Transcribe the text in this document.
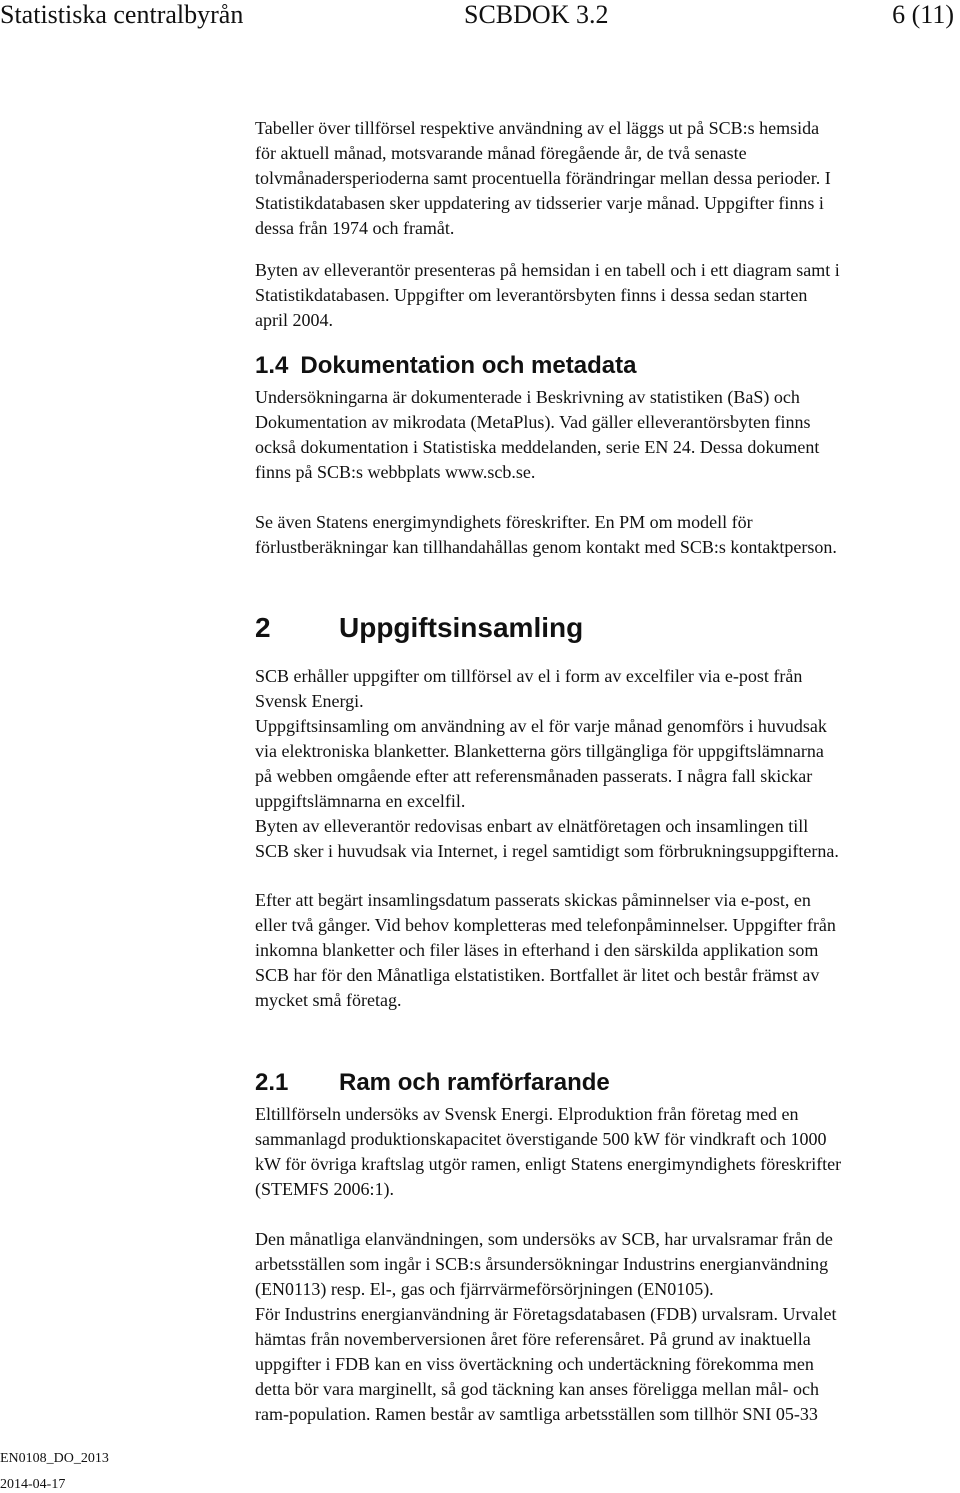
Statistiska centralbyrån	SCBDOK 3.2	6 (11)

Tabeller över tillförsel respektive användning av el läggs ut på SCB:s hemsida
för aktuell månad, motsvarande månad föregående år, de två senaste
tolvmånadersperioderna samt procentuella förändringar mellan dessa perioder. I
Statistikdatabasen sker uppdatering av tidsserier varje månad. Uppgifter finns i
dessa från 1974 och framåt.

Byten av elleverantör presenteras på hemsidan i en tabell och i ett diagram samt i
Statistikdatabasen. Uppgifter om leverantörsbyten finns i dessa sedan starten
april 2004.

1.4 Dokumentation och metadata

Undersökningarna är dokumenterade i Beskrivning av statistiken (BaS) och
Dokumentation av mikrodata (MetaPlus). Vad gäller elleverantörsbyten finns
också dokumentation i Statistiska meddelanden, serie EN 24. Dessa dokument
finns på SCB:s webbplats www.scb.se.

Se även Statens energimyndighets föreskrifter. En PM om modell för
förlustberäkningar kan tillhandahållas genom kontakt med SCB:s kontaktperson.

2	Uppgiftsinsamling

SCB erhåller uppgifter om tillförsel av el i form av excelfiler via e-post från
Svensk Energi.
Uppgiftsinsamling om användning av el för varje månad genomförs i huvudsak
via elektroniska blanketter. Blanketterna görs tillgängliga för uppgiftslämnarna
på webben omgående efter att referensmånaden passerats. I några fall skickar
uppgiftslämnarna en excelfil.
Byten av elleverantör redovisas enbart av elnätföretagen och insamlingen till
SCB sker i huvudsak via Internet, i regel samtidigt som förbrukningsuppgifterna.

Efter att begärt insamlingsdatum passerats skickas påminnelser via e-post, en
eller två gånger. Vid behov kompletteras med telefonpåminnelser. Uppgifter från
inkomna blanketter och filer läses in efterhand i den särskilda applikation som
SCB har för den Månatliga elstatistiken. Bortfallet är litet och består främst av
mycket små företag.

2.1	Ram och ramförfarande

Eltillförseln undersöks av Svensk Energi. Elproduktion från företag med en
sammanlagd produktionskapacitet överstigande 500 kW för vindkraft och 1000
kW för övriga kraftslag utgör ramen, enligt Statens energimyndighets föreskrifter
(STEMFS 2006:1).

Den månatliga elanvändningen, som undersöks av SCB, har urvalsramar från de
arbetsställen som ingår i SCB:s årsundersökningar Industrins energianvändning
(EN0113) resp. El-, gas och fjärrvärmeförsörjningen (EN0105).
För Industrins energianvändning är Företagsdatabasen (FDB) urvalsram. Urvalet
hämtas från novemberversionen året före referensåret. På grund av inaktuella
uppgifter i FDB kan en viss övertäckning och undertäckning förekomma men
detta bör vara marginellt, så god täckning kan anses föreligga mellan mål- och
ram-population. Ramen består av samtliga arbetsställen som tillhör SNI 05-33

EN0108_DO_2013
2014-04-17
